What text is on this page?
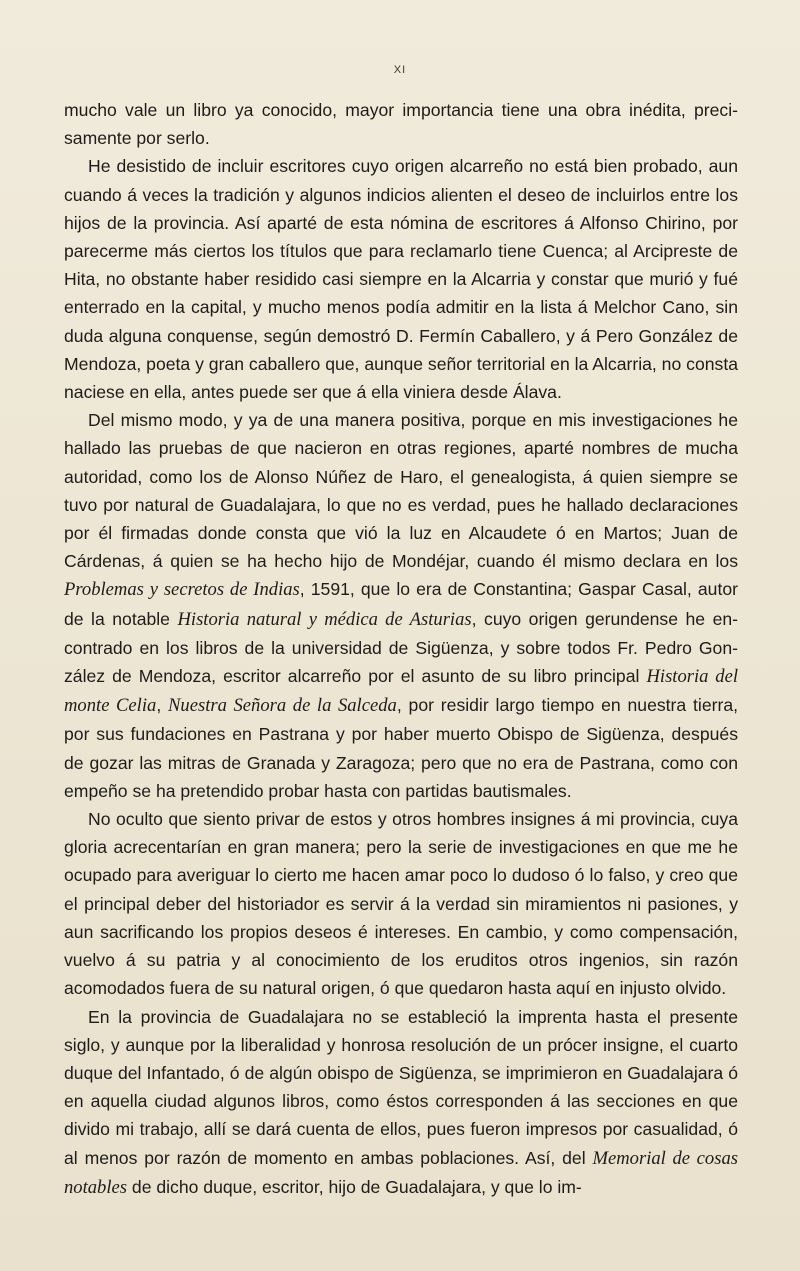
XI

mucho vale un libro ya conocido, mayor importancia tiene una obra inédita, precisamente por serlo.

He desistido de incluir escritores cuyo origen alcarreño no está bien probado, aun cuando á veces la tradición y algunos indicios alienten el deseo de incluirlos entre los hijos de la provincia. Así aparté de esta nómina de escritores á Alfonso Chirino, por parecerme más ciertos los títulos que para reclamarlo tiene Cuenca; al Arcipreste de Hita, no obstante haber residido casi siempre en la Alcarria y constar que murió y fué enterrado en la capital, y mucho menos podía admitir en la lista á Melchor Cano, sin duda alguna conquense, según demostró D. Fermín Caballero, y á Pero González de Mendoza, poeta y gran caballero que, aunque señor territorial en la Alcarria, no consta naciese en ella, antes puede ser que á ella viniera desde Álava.

Del mismo modo, y ya de una manera positiva, porque en mis investigaciones he hallado las pruebas de que nacieron en otras regiones, aparté nombres de mucha autoridad, como los de Alonso Núñez de Haro, el genealogista, á quien siempre se tuvo por natural de Guadalajara, lo que no es verdad, pues he hallado declaraciones por él firmadas donde consta que vió la luz en Alcaudete ó en Martos; Juan de Cárdenas, á quien se ha hecho hijo de Mondéjar, cuando él mismo declara en los Problemas y secretos de Indias, 1591, que lo era de Constantina; Gaspar Casal, autor de la notable Historia natural y médica de Asturias, cuyo origen gerundense he encontrado en los libros de la universidad de Sigüenza, y sobre todos Fr. Pedro González de Mendoza, escritor alcarreño por el asunto de su libro principal Historia del monte Celia, Nuestra Señora de la Salceda, por residir largo tiempo en nuestra tierra, por sus fundaciones en Pastrana y por haber muerto Obispo de Sigüenza, después de gozar las mitras de Granada y Zaragoza; pero que no era de Pastrana, como con empeño se ha pretendido probar hasta con partidas bautismales.

No oculto que siento privar de estos y otros hombres insignes á mi provincia, cuya gloria acrecentarían en gran manera; pero la serie de investigaciones en que me he ocupado para averiguar lo cierto me hacen amar poco lo dudoso ó lo falso, y creo que el principal deber del historiador es servir á la verdad sin miramientos ni pasiones, y aun sacrificando los propios deseos é intereses. En cambio, y como compensación, vuelvo á su patria y al conocimiento de los eruditos otros ingenios, sin razón acomodados fuera de su natural origen, ó que quedaron hasta aquí en injusto olvido.

En la provincia de Guadalajara no se estableció la imprenta hasta el presente siglo, y aunque por la liberalidad y honrosa resolución de un prócer insigne, el cuarto duque del Infantado, ó de algún obispo de Sigüenza, se imprimieron en Guadalajara ó en aquella ciudad algunos libros, como éstos corresponden á las secciones en que divido mi trabajo, allí se dará cuenta de ellos, pues fueron impresos por casualidad, ó al menos por razón de momento en ambas poblaciones. Así, del Memorial de cosas notables de dicho duque, escritor, hijo de Guadalajara, y que lo im-
